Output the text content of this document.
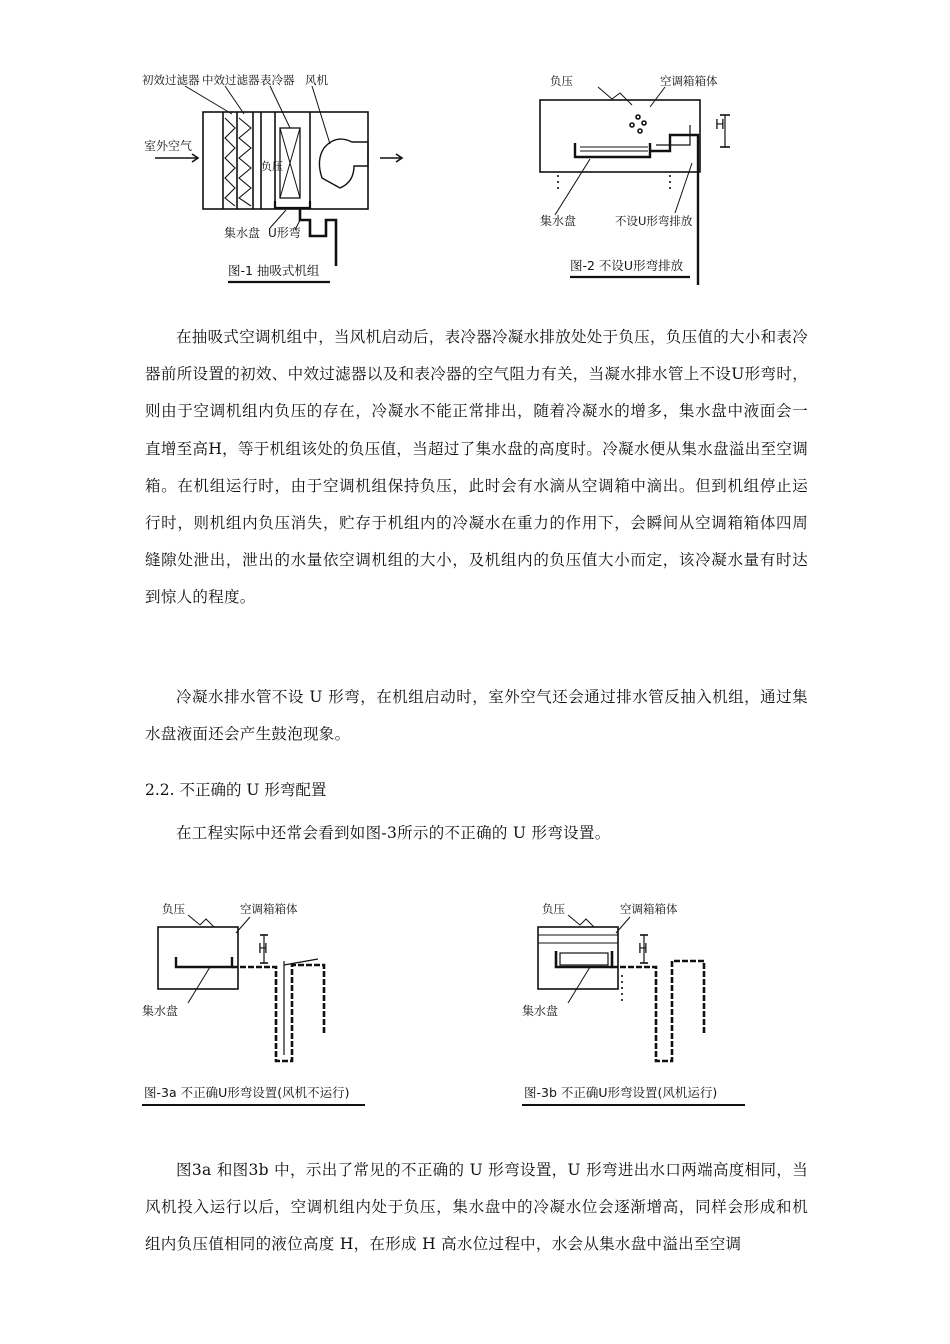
初效过滤器 中效过滤器 表冷器 风机
室外空气
负压
集水盘 U形弯
图-1 抽吸式机组
负压	空调箱箱体
H
集水盘	不设U形弯排放
图-2 不设U形弯排放

在抽吸式空调机组中，当风机启动后，表冷器冷凝水排放处处于负压，负压值的大小和表冷器前所设置的初效、中效过滤器以及和表冷器的空气阻力有关，当凝水排水管上不设U形弯时，则由于空调机组内负压的存在，冷凝水不能正常排出，随着冷凝水的增多，集水盘中液面会一直增至高H，等于机组该处的负压值，当超过了集水盘的高度时。冷凝水便从集水盘溢出至空调箱。在机组运行时，由于空调机组保持负压，此时会有水滴从空调箱中滴出。但到机组停止运行时，则机组内负压消失，贮存于机组内的冷凝水在重力的作用下，会瞬间从空调箱箱体四周缝隙处泄出，泄出的水量依空调机组的大小，及机组内的负压值大小而定，该冷凝水量有时达到惊人的程度。

冷凝水排水管不设 U 形弯，在机组启动时，室外空气还会通过排水管反抽入机组，通过集水盘液面还会产生鼓泡现象。

2.2. 不正确的 U 形弯配置

在工程实际中还常会看到如图-3所示的不正确的 U 形弯设置。

负压	空调箱箱体
H
集水盘
图-3a 不正确U形弯设置(风机不运行)
负压	空调箱箱体
H
集水盘
图-3b 不正确U形弯设置(风机运行)

图3a 和图3b 中，示出了常见的不正确的 U 形弯设置，U 形弯进出水口两端高度相同，当风机投入运行以后，空调机组内处于负压，集水盘中的冷凝水位会逐渐增高，同样会形成和机组内负压值相同的液位高度 H，在形成 H 高水位过程中，水会从集水盘中溢出至空调
